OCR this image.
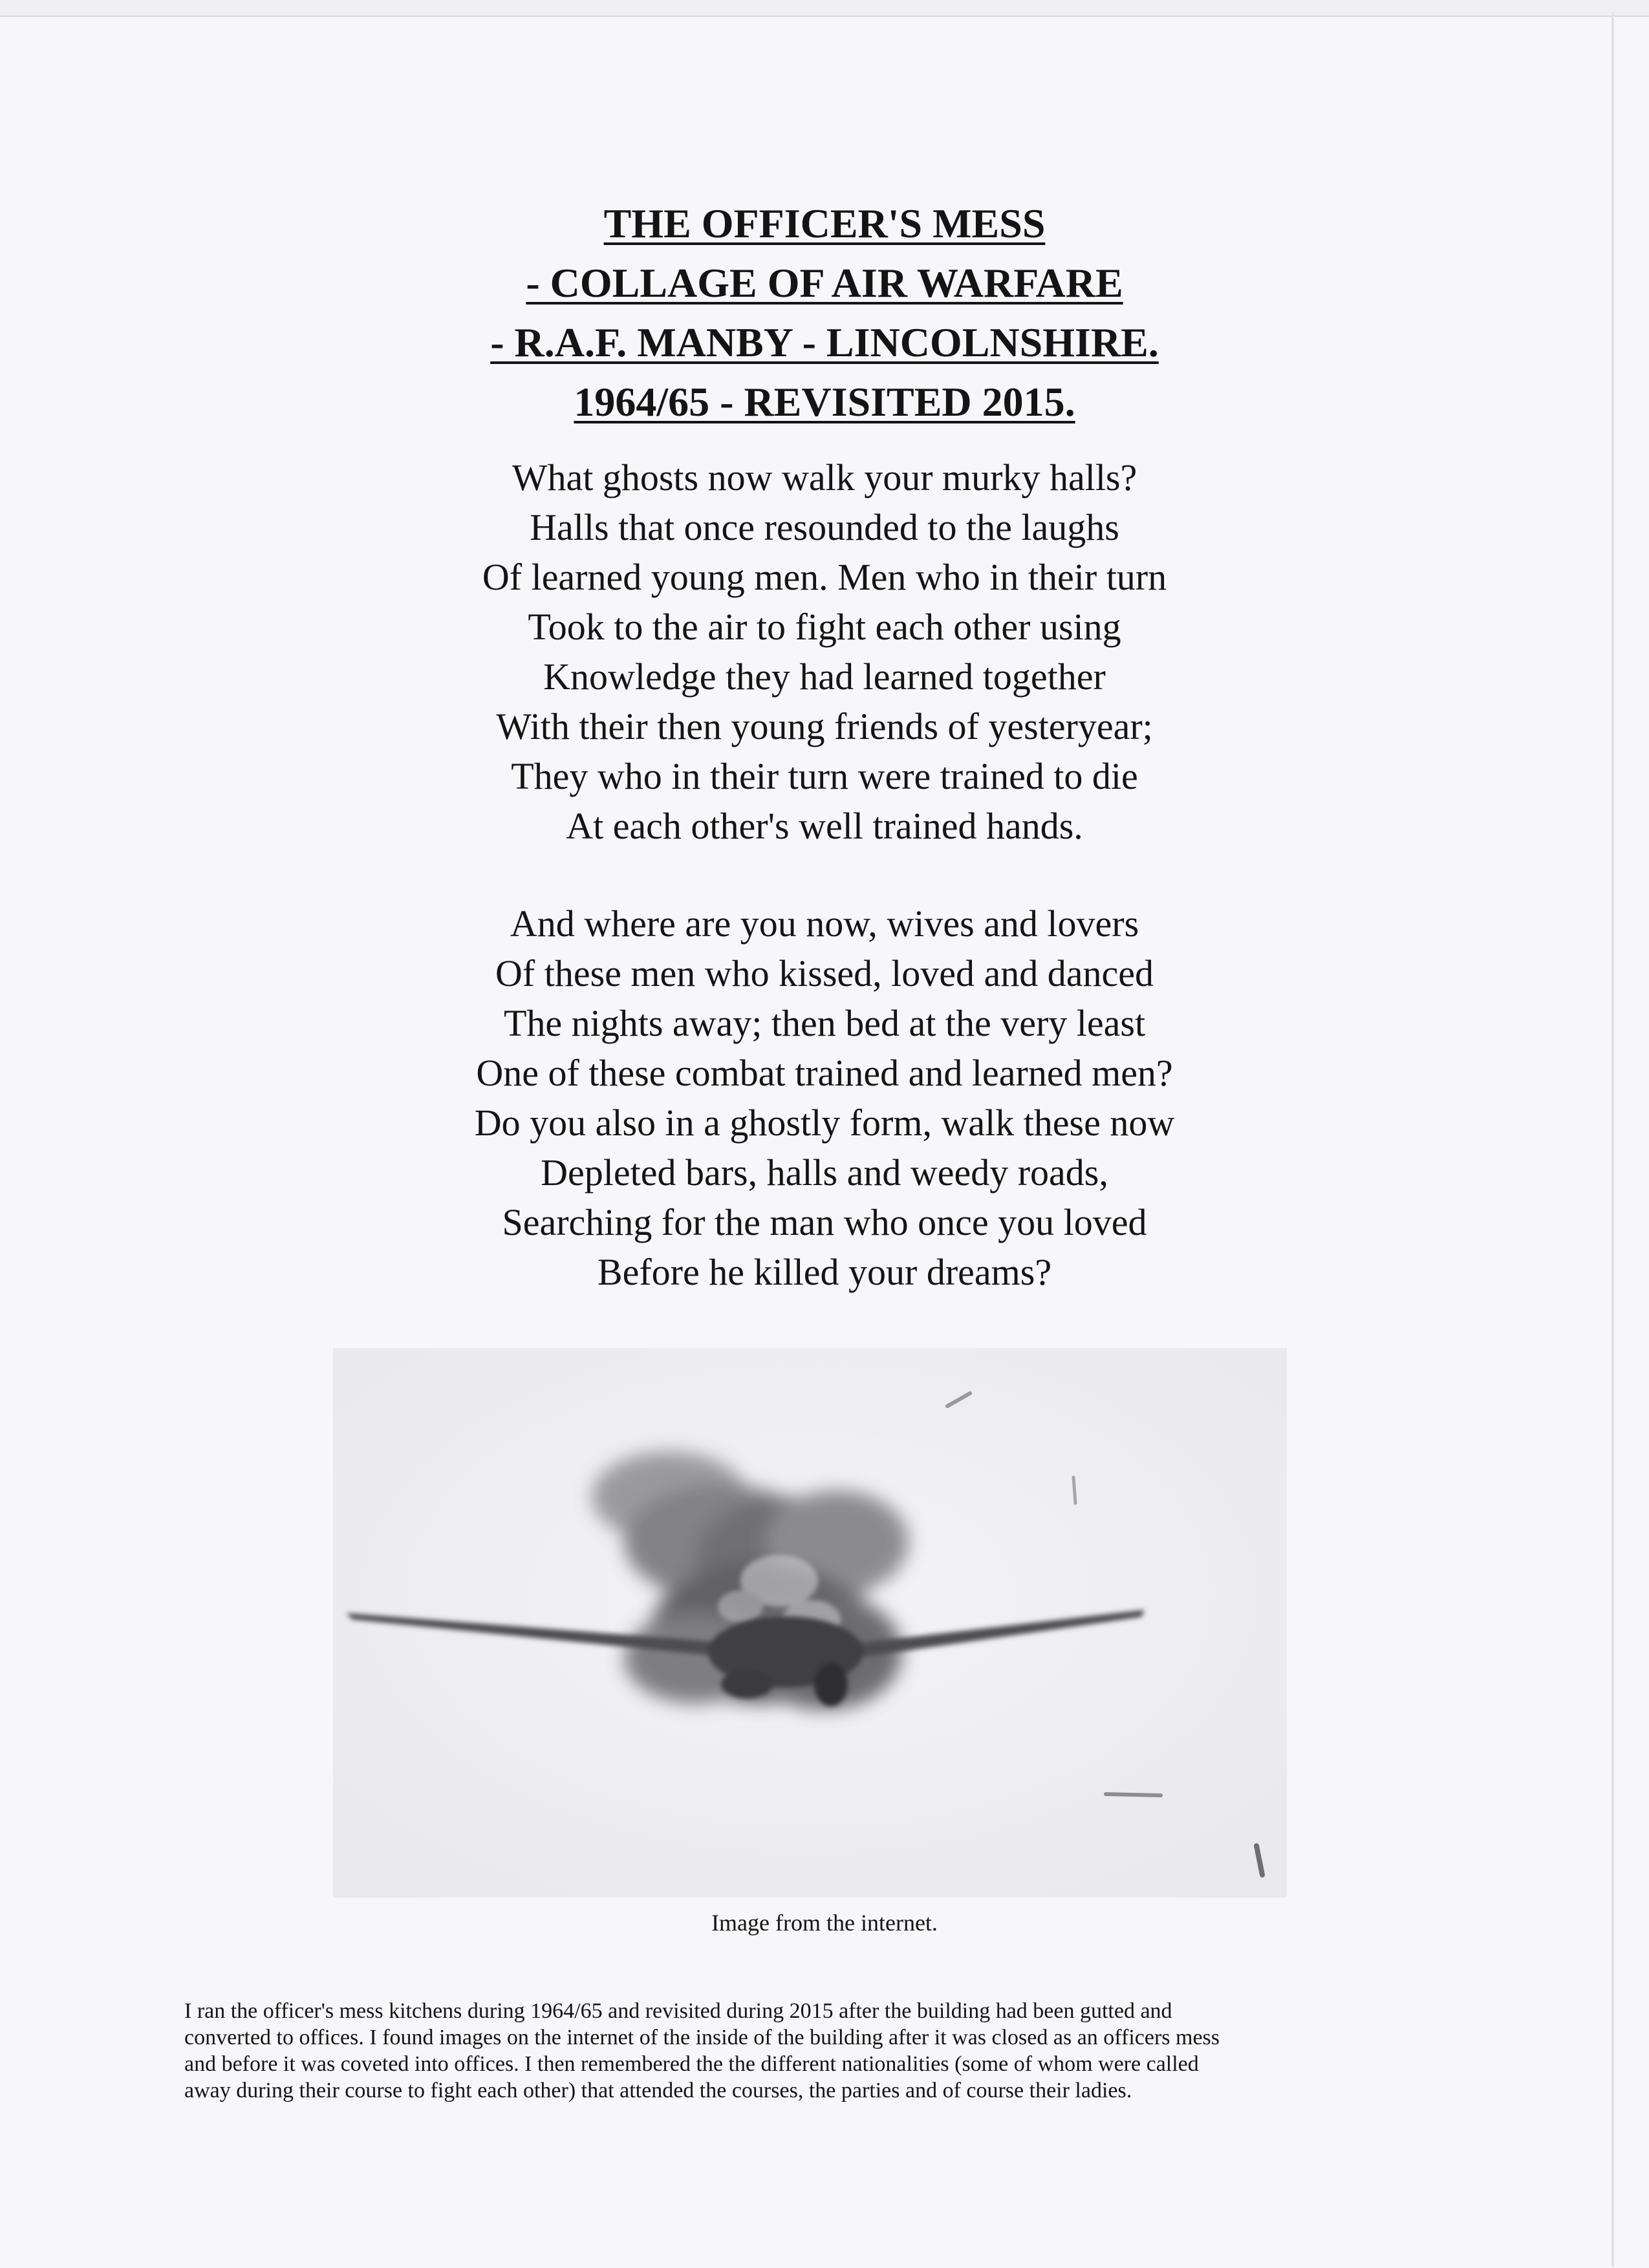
THE OFFICER'S MESS
- COLLAGE OF AIR WARFARE
- R.A.F. MANBY - LINCOLNSHIRE.
1964/65 - REVISITED 2015.

What ghosts now walk your murky halls?
Halls that once resounded to the laughs
Of learned young men. Men who in their turn
Took to the air to fight each other using
Knowledge they had learned together
With their then young friends of yesteryear;
They who in their turn were trained to die
At each other's well trained hands.

And where are you now, wives and lovers
Of these men who kissed, loved and danced
The nights away; then bed at the very least
One of these combat trained and learned men?
Do you also in a ghostly form, walk these now
Depleted bars, halls and weedy roads,
Searching for the man who once you loved
Before he killed your dreams?

Image from the internet.

I ran the officer's mess kitchens during 1964/65 and revisited during 2015 after the building had been gutted and
converted to offices. I found images on the internet of the inside of the building after it was closed as an officers mess
and before it was coveted into offices. I then remembered the the different nationalities (some of whom were called
away during their course to fight each other) that attended the courses, the parties and of course their ladies.
